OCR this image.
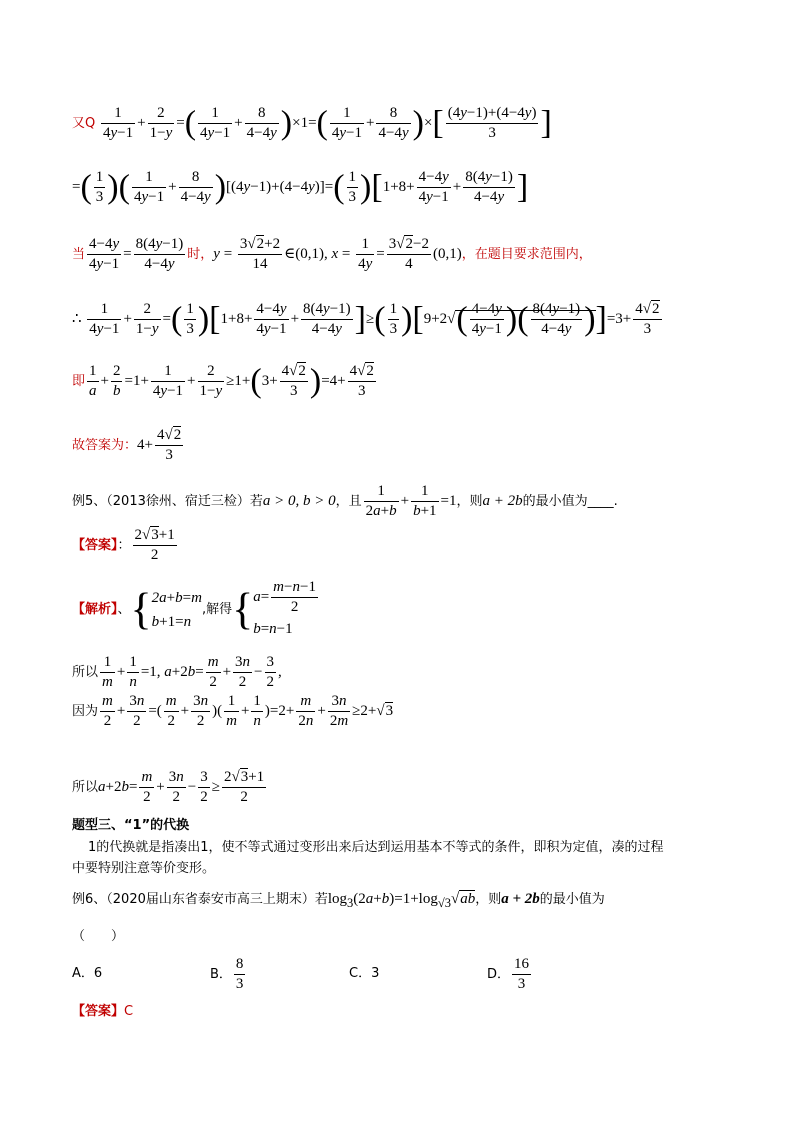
又Q $\frac{1}{4y-1} + \frac{2}{1-y}$ =( $\frac{1}{4y-1} + \frac{8}{4-4y} )\times 1=( \frac{1}{4y-1} + \frac{8}{4-4y}$ )×[ $\frac{(4y-1)+(4-4y)}{3}$ ]
=( $\frac{1}{3}$ )( $\frac{1}{4y-1} + \frac{8}{4-4y} )[(4y-1)+(4-4y)]=( \frac{1}{3} )[1+8+ \frac{4-4y}{4y-1} + \frac{8(4y-1)}{4-4y}$ ]
当 $\frac{4-4y}{4y-1} = \frac{8(4y-1)}{4-4y}$ 时，$y = \frac{3√2+2}{14}$ ∈(0,1), $x = \frac{1}{4y} = \frac{3√2-2}{4} (0,1)$，在题目要求范围内，
∴ $\frac{1}{4y-1} + \frac{2}{1-y}$ =( $\frac{1}{3} )[1+8+ \frac{4-4y}{4y-1} + \frac{8(4y-1)}{4-4y}$ ]≥( $\frac{1}{3} )[9+2√( \frac{4-4y}{4y-1}$ )( $\frac{8(4y-1)}{4-4y} )]=3+ \frac{4√2}{3}$
即 $\frac{1}{a} + \frac{2}{b} =1+ \frac{1}{4y-1} + \frac{2}{1-y} \ge 1+(3+ \frac{4√2}{3} )=4+ \frac{4√2}{3}$
故答案为：$4+ \frac{4√2}{3}$
例5、（2013徐州、宿迁三检）若a > 0, b > 0，且 $\frac{1}{2a+b} + \frac{1}{b+1} =1$，则a + 2b的最小值为____.
【答案】： $\frac{2√3+1}{2}$
【解析】、{2a+b=m
b+1=n,解得{$a= \frac{m-n-1}{2}$

b=n−1
所以 $\frac{1}{m} + \frac{1}{n} =1$, $a+2b= \frac{m}{2} + \frac{3n}{2} - \frac{3}{2}$ ,
因为 $\frac{m}{2} + \frac{3n}{2}$ =( $\frac{m}{2} + \frac{3n}{2}$ )( $\frac{1}{m} + \frac{1}{n} )=2+ \frac{m}{2n} + \frac{3n}{2m} \ge 2+√3$
所以$a+2b= \frac{m}{2} + \frac{3n}{2} - \frac{3}{2} \ge \frac{2√3+1}{2}$
题型三、“1”的代换
1的代换就是指凑出1，使不等式通过变形出来后达到运用基本不等式的条件，即积为定值，凑的过程
中要特别注意等价变形。
例6、（2020届山东省泰安市高三上期末）若$\log_3(2a+b)=1+\log_{√3}√ab$，则a + 2b的最小值为
（　　）
A．6	B． $\frac{8}{3}$	C．3	D． $\frac{16}{3}$
【答案】C
